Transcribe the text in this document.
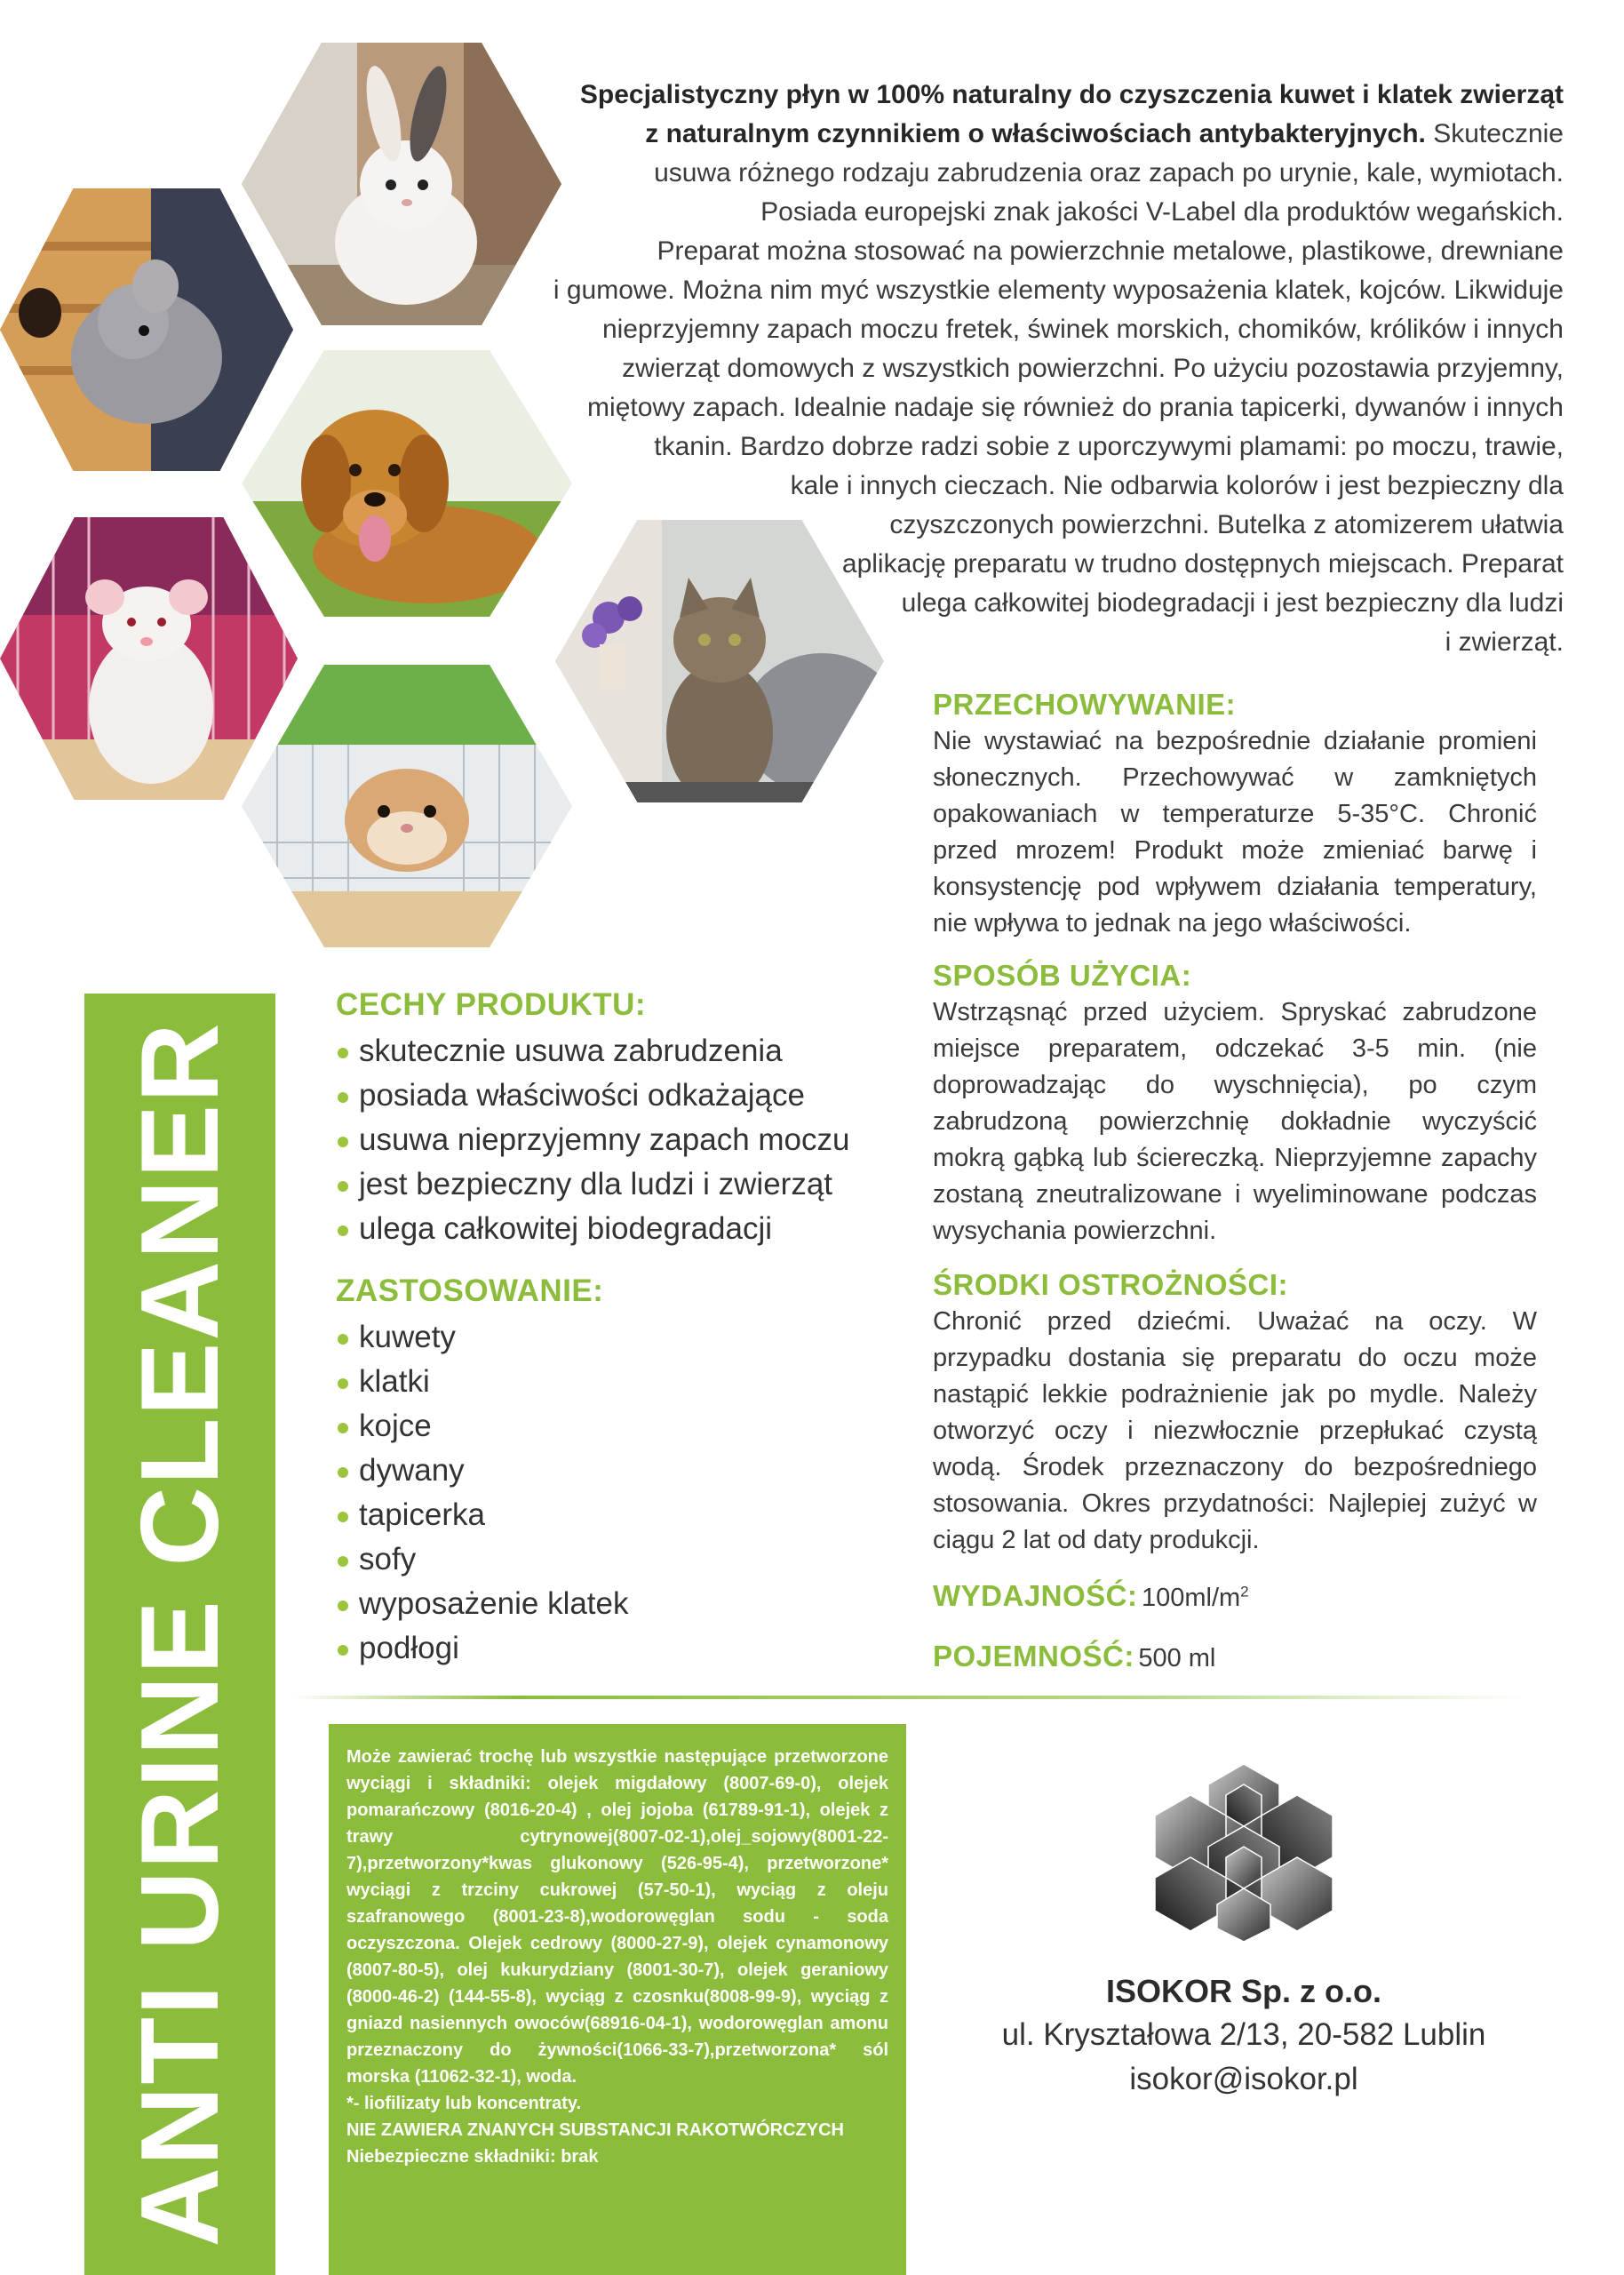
Specjalistyczny płyn w 100% naturalny do czyszczenia kuwet i klatek zwierząt
z naturalnym czynnikiem o właściwościach antybakteryjnych. Skutecznie
usuwa różnego rodzaju zabrudzenia oraz zapach po urynie, kale, wymiotach.
Posiada europejski znak jakości V-Label dla produktów wegańskich.
Preparat można stosować na powierzchnie metalowe, plastikowe, drewniane
i gumowe. Można nim myć wszystkie elementy wyposażenia klatek, kojców. Likwiduje
nieprzyjemny zapach moczu fretek, świnek morskich, chomików, królików i innych
zwierząt domowych z wszystkich powierzchni. Po użyciu pozostawia przyjemny,
miętowy zapach. Idealnie nadaje się również do prania tapicerki, dywanów i innych
tkanin. Bardzo dobrze radzi sobie z uporczywymi plamami: po moczu, trawie,
kale i innych cieczach. Nie odbarwia kolorów i jest bezpieczny dla
czyszczonych powierzchni. Butelka z atomizerem ułatwia
aplikację preparatu w trudno dostępnych miejscach. Preparat
ulega całkowitej biodegradacji i jest bezpieczny dla ludzi
i zwierząt.
PRZECHOWYWANIE:

Nie wystawiać na bezpośrednie działanie promieni słonecznych. Przechowywać w zamkniętych opakowaniach w temperaturze 5-35°C. Chronić przed mrozem! Produkt może zmieniać barwę i konsystencję pod wpływem działania temperatury, nie wpływa to jednak na jego właściwości.

SPOSÓB UŻYCIA:

Wstrząsnąć przed użyciem. Spryskać zabrudzone miejsce preparatem, odczekać 3-5 min. (nie doprowadzając do wyschnięcia), po czym zabrudzoną powierzchnię dokładnie wyczyścić mokrą gąbką lub ściereczką. Nieprzyjemne zapachy zostaną zneutralizowane i wyeliminowane podczas wysychania powierzchni.

ŚRODKI OSTROŻNOŚCI:

Chronić przed dziećmi. Uważać na oczy. W przypadku dostania się preparatu do oczu może nastąpić lekkie podrażnienie jak po mydle. Należy otworzyć oczy i niezwłocznie przepłukać czystą wodą. Środek przeznaczony do bezpośredniego stosowania. Okres przydatności: Najlepiej zużyć w ciągu 2 lat od daty produkcji.

WYDAJNOŚĆ: $100ml/m^2$
POJEMNOŚĆ: 500 ml
CECHY PRODUKTU:
skutecznie usuwa zabrudzenia
posiada właściwości odkażające
usuwa nieprzyjemny zapach moczu
jest bezpieczny dla ludzi i zwierząt
ulega całkowitej biodegradacji
ZASTOSOWANIE:
kuwety
klatki
kojce
dywany
tapicerka
sofy
wyposażenie klatek
podłogi
ANTI URINE CLEANER	Może zawierać trochę lub wszystkie następujące przetworzone wyciągi i składniki: olejek migdałowy (8007-69-0), olejek pomarańczowy (8016-20-4) , olej jojoba (61789-91-1), olejek z trawy cytrynowej(8007-02-1),olej_sojowy(8001-22-7),przetworzony*kwas glukonowy (526-95-4), przetworzone* wyciągi z trzciny cukrowej (57-50-1), wyciąg z oleju szafranowego (8001-23-8),wodorowęglan sodu - soda oczyszczona. Olejek cedrowy (8000-27-9), olejek cynamonowy (8007-80-5), olej kukurydziany (8001-30-7), olejek geraniowy (8000-46-2) (144-55-8), wyciąg z czosnku(8008-99-9), wyciąg z gniazd nasiennych owoców(68916-04-1), wodorowęglan amonu przeznaczony do żywności(1066-33-7),przetworzona* sól morska (11062-32-1), woda.

*- liofilizaty lub koncentraty.

NIE ZAWIERA ZNANYCH SUBSTANCJI RAKOTWÓRCZYCH

Niebezpieczne składniki: brak

ISOKOR Sp. z o.o.
ul. Kryształowa 2/13, 20-582 Lublin
isokor@isokor.pl
